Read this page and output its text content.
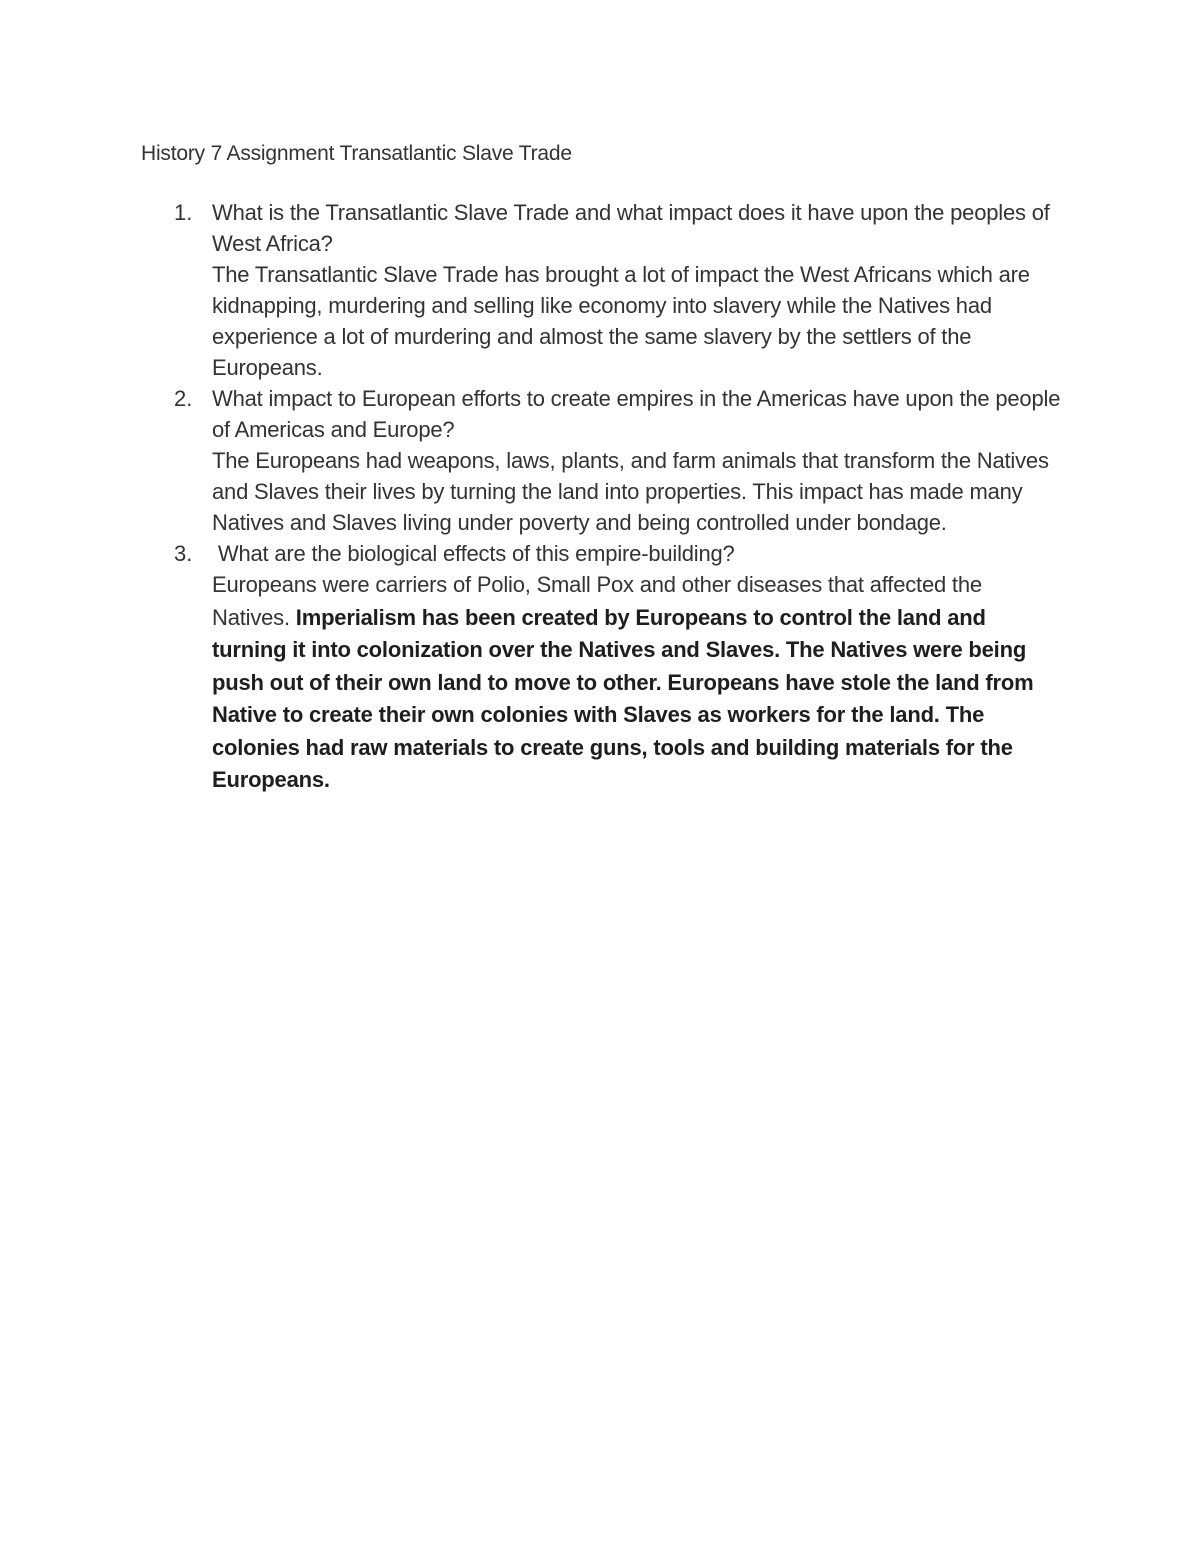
History 7 Assignment Transatlantic Slave Trade
1. What is the Transatlantic Slave Trade and what impact does it have upon the peoples of West Africa?
The Transatlantic Slave Trade has brought a lot of impact the West Africans which are kidnapping, murdering and selling like economy into slavery while the Natives had experience a lot of murdering and almost the same slavery by the settlers of the Europeans.
2. What impact to European efforts to create empires in the Americas have upon the people of Americas and Europe?
The Europeans had weapons, laws, plants, and farm animals that transform the Natives and Slaves their lives by turning the land into properties. This impact has made many Natives and Slaves living under poverty and being controlled under bondage.
3. What are the biological effects of this empire-building?
Europeans were carriers of Polio, Small Pox and other diseases that affected the Natives. Imperialism has been created by Europeans to control the land and turning it into colonization over the Natives and Slaves. The Natives were being push out of their own land to move to other. Europeans have stole the land from Native to create their own colonies with Slaves as workers for the land. The colonies had raw materials to create guns, tools and building materials for the Europeans.
